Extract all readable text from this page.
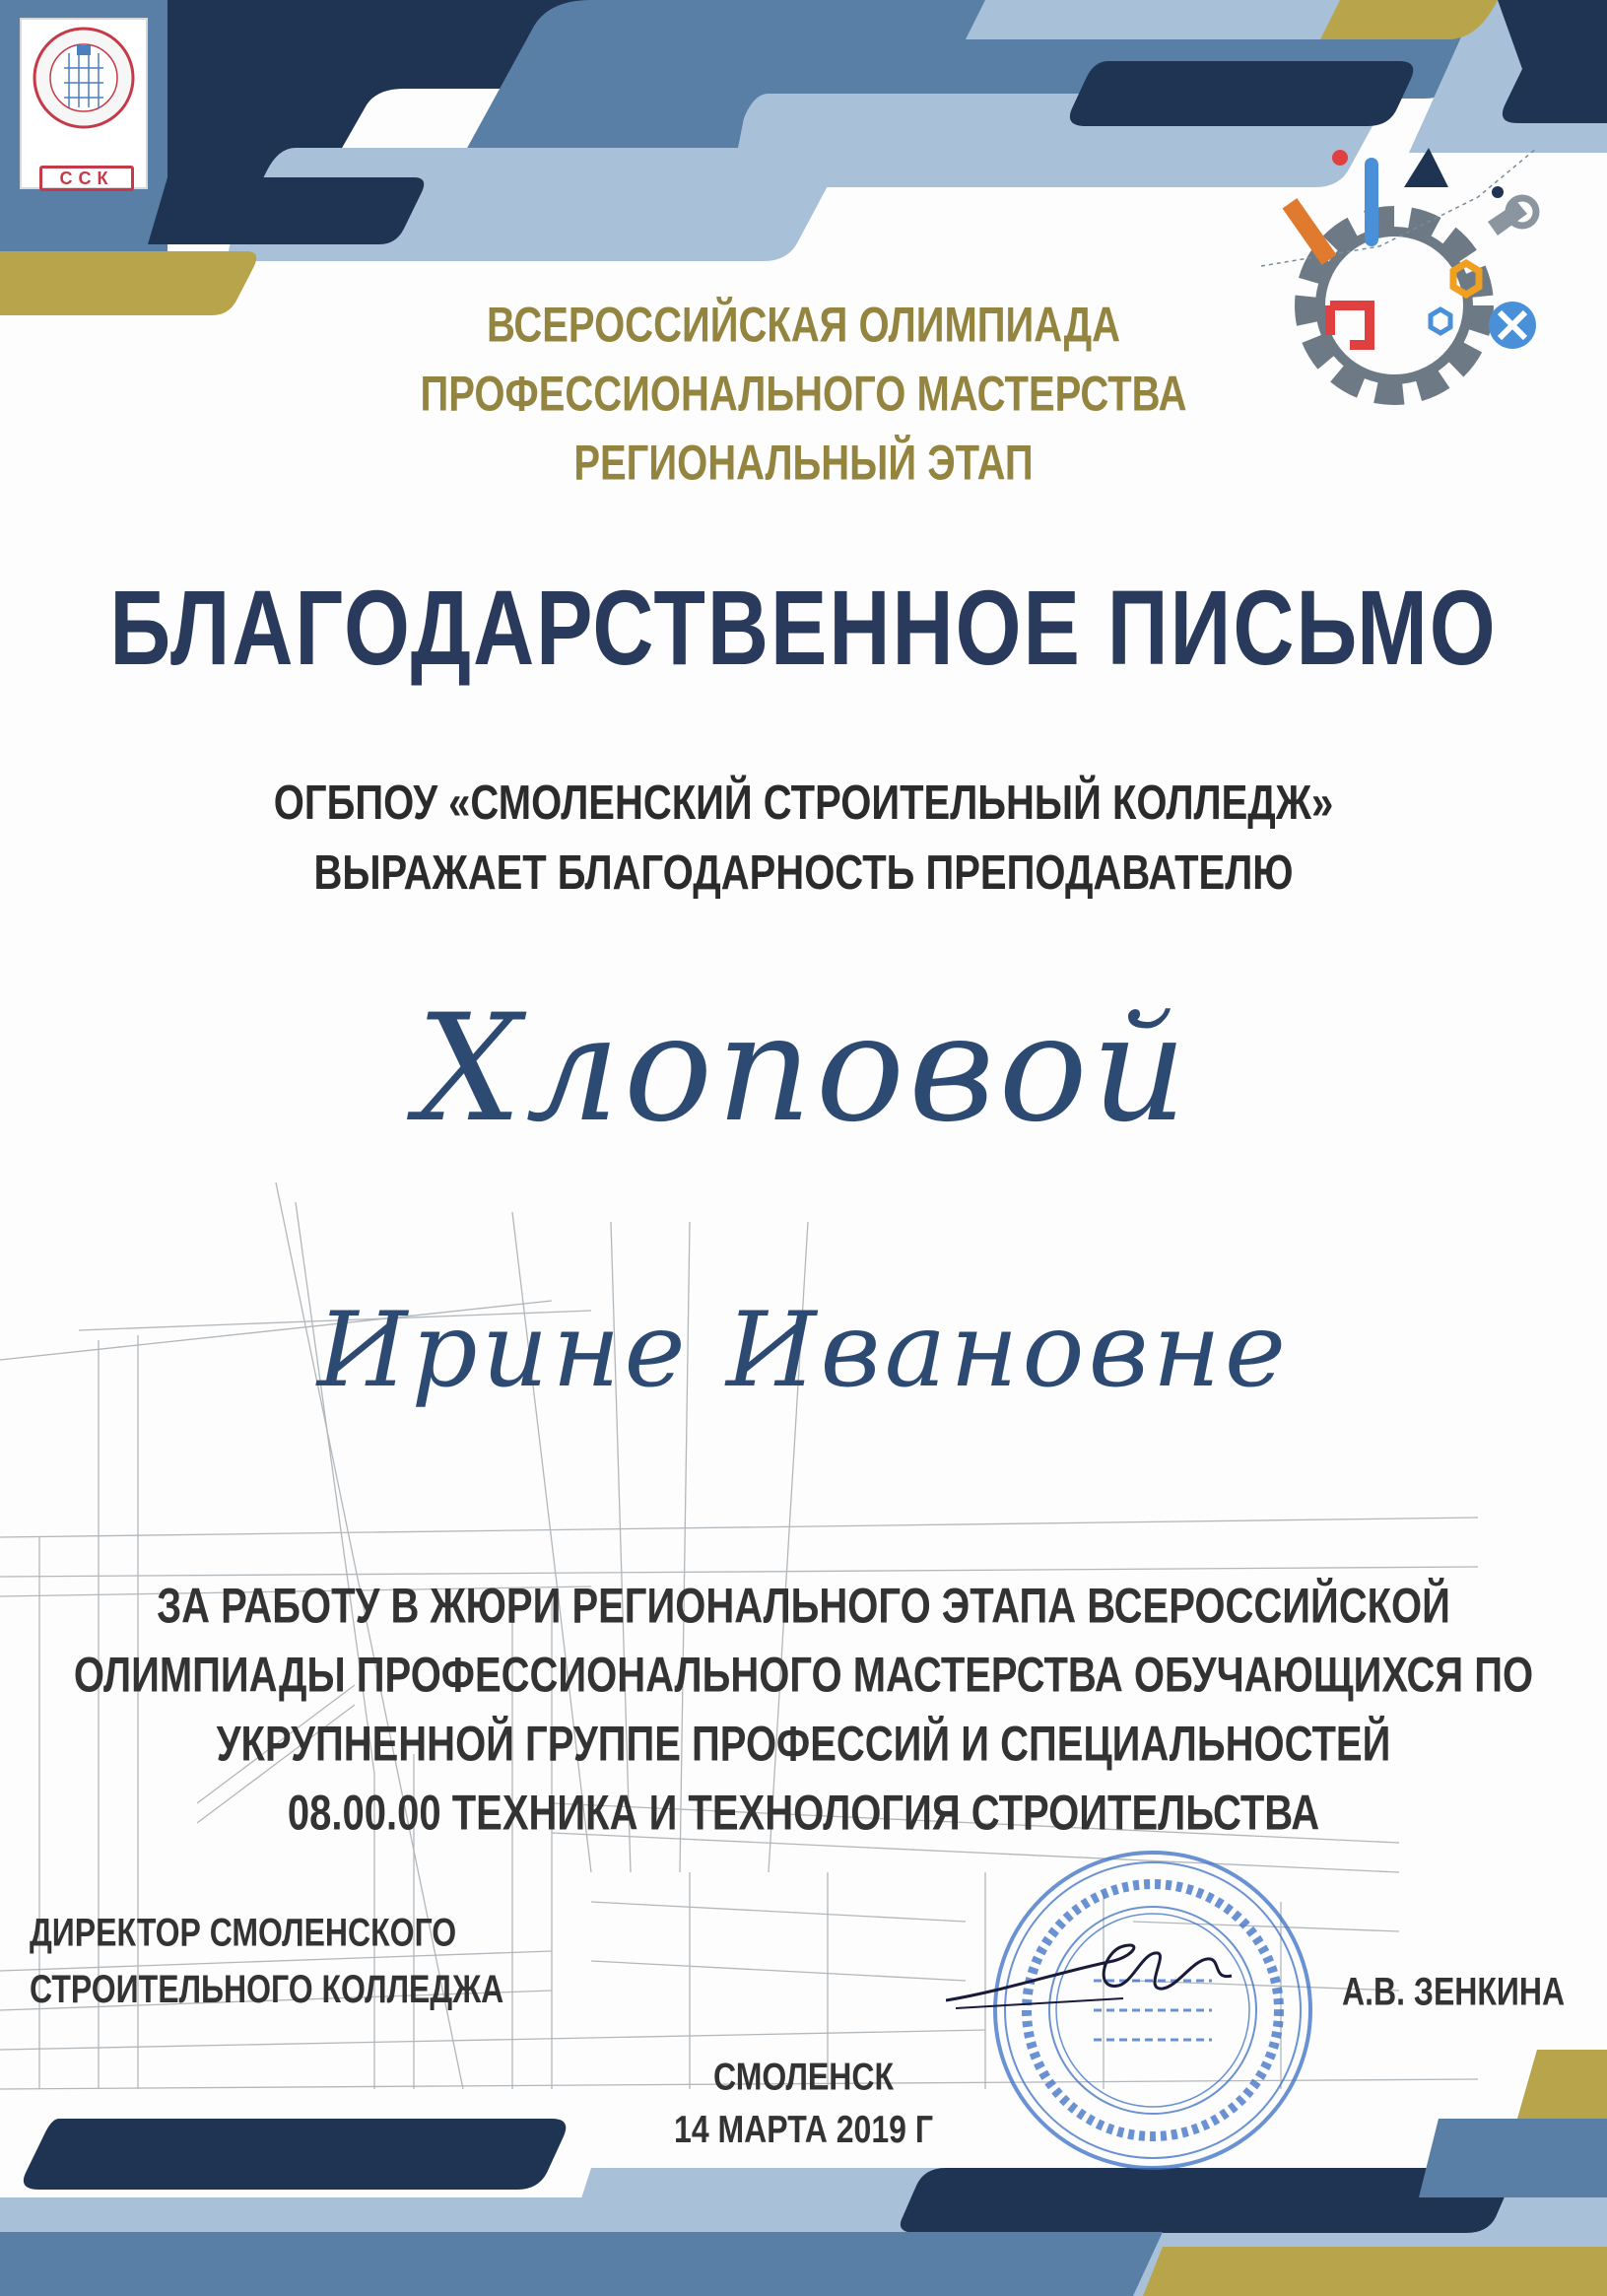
ССК
ВСЕРОССИЙСКАЯ ОЛИМПИАДА
ПРОФЕССИОНАЛЬНОГО МАСТЕРСТВА
РЕГИОНАЛЬНЫЙ ЭТАП
БЛАГОДАРСТВЕННОЕ ПИСЬМО
ОГБПОУ «СМОЛЕНСКИЙ СТРОИТЕЛЬНЫЙ КОЛЛЕДЖ»
ВЫРАЖАЕТ БЛАГОДАРНОСТЬ ПРЕПОДАВАТЕЛЮ
Хлоповой
Ирине Ивановне
ЗА РАБОТУ В ЖЮРИ РЕГИОНАЛЬНОГО ЭТАПА ВСЕРОССИЙСКОЙ
ОЛИМПИАДЫ ПРОФЕССИОНАЛЬНОГО МАСТЕРСТВА ОБУЧАЮЩИХСЯ ПО
УКРУПНЕННОЙ ГРУППЕ ПРОФЕССИЙ И СПЕЦИАЛЬНОСТЕЙ
08.00.00 ТЕХНИКА И ТЕХНОЛОГИЯ СТРОИТЕЛЬСТВА
ДИРЕКТОР СМОЛЕНСКОГО
СТРОИТЕЛЬНОГО КОЛЛЕДЖА	А.В. ЗЕНКИНА
СМОЛЕНСК
14 МАРТА 2019 Г
